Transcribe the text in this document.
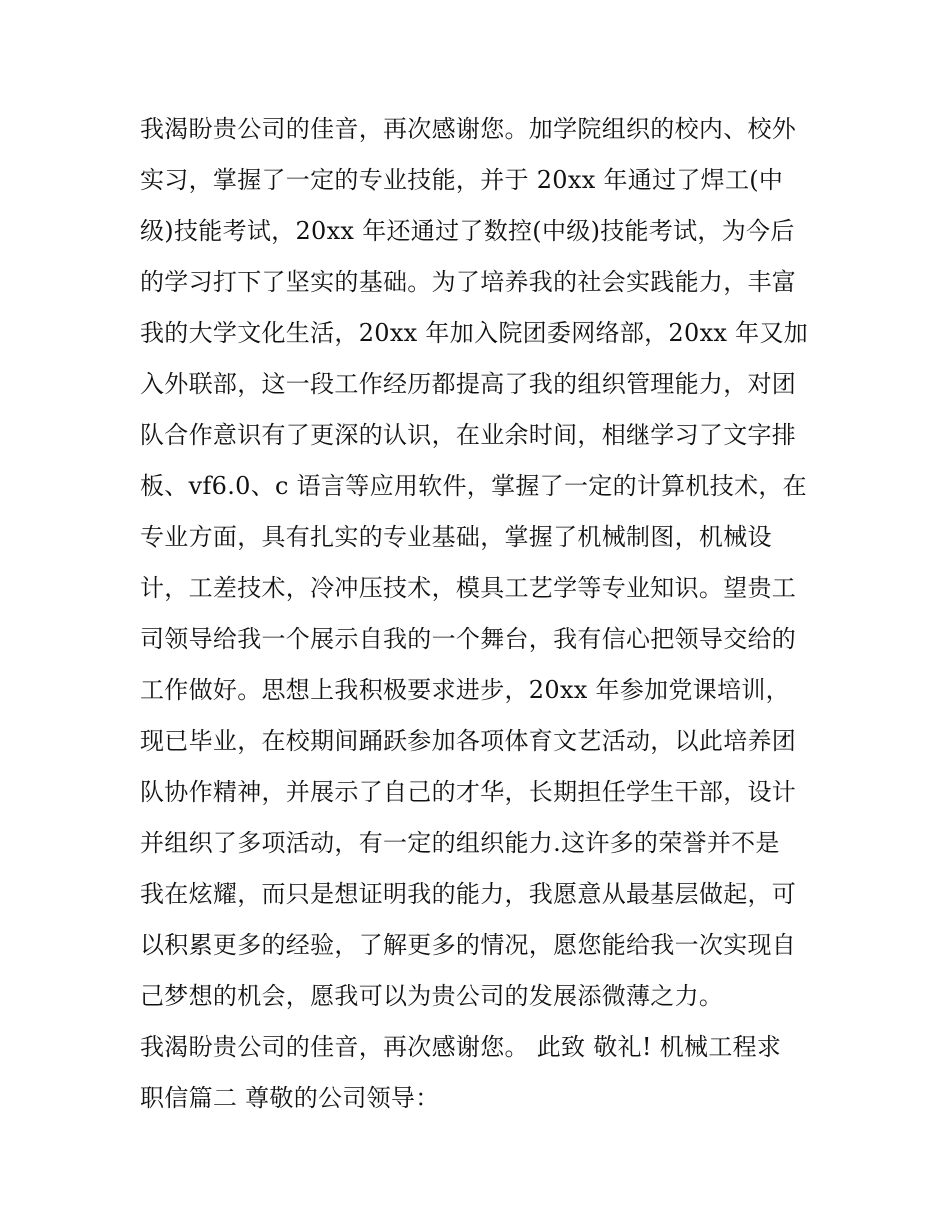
我渴盼贵公司的佳音，再次感谢您。加学院组织的校内、校外
实习，掌握了一定的专业技能，并于 20xx 年通过了焊工(中
级)技能考试，20xx 年还通过了数控(中级)技能考试，为今后
的学习打下了坚实的基础。为了培养我的社会实践能力，丰富
我的大学文化生活，20xx 年加入院团委网络部，20xx 年又加
入外联部，这一段工作经历都提高了我的组织管理能力，对团
队合作意识有了更深的认识，在业余时间，相继学习了文字排
板、vf6.0、c 语言等应用软件，掌握了一定的计算机技术，在
专业方面，具有扎实的专业基础，掌握了机械制图，机械设
计，工差技术，冷冲压技术，模具工艺学等专业知识。望贵工
司领导给我一个展示自我的一个舞台，我有信心把领导交给的
工作做好。思想上我积极要求进步，20xx 年参加党课培训，
现已毕业，在校期间踊跃参加各项体育文艺活动，以此培养团
队协作精神，并展示了自己的才华，长期担任学生干部，设计
并组织了多项活动，有一定的组织能力.这许多的荣誉并不是
我在炫耀，而只是想证明我的能力，我愿意从最基层做起，可
以积累更多的经验，了解更多的情况，愿您能给我一次实现自
己梦想的机会，愿我可以为贵公司的发展添微薄之力。
我渴盼贵公司的佳音，再次感谢您。 此致 敬礼! 机械工程求
职信篇二 尊敬的公司领导：
